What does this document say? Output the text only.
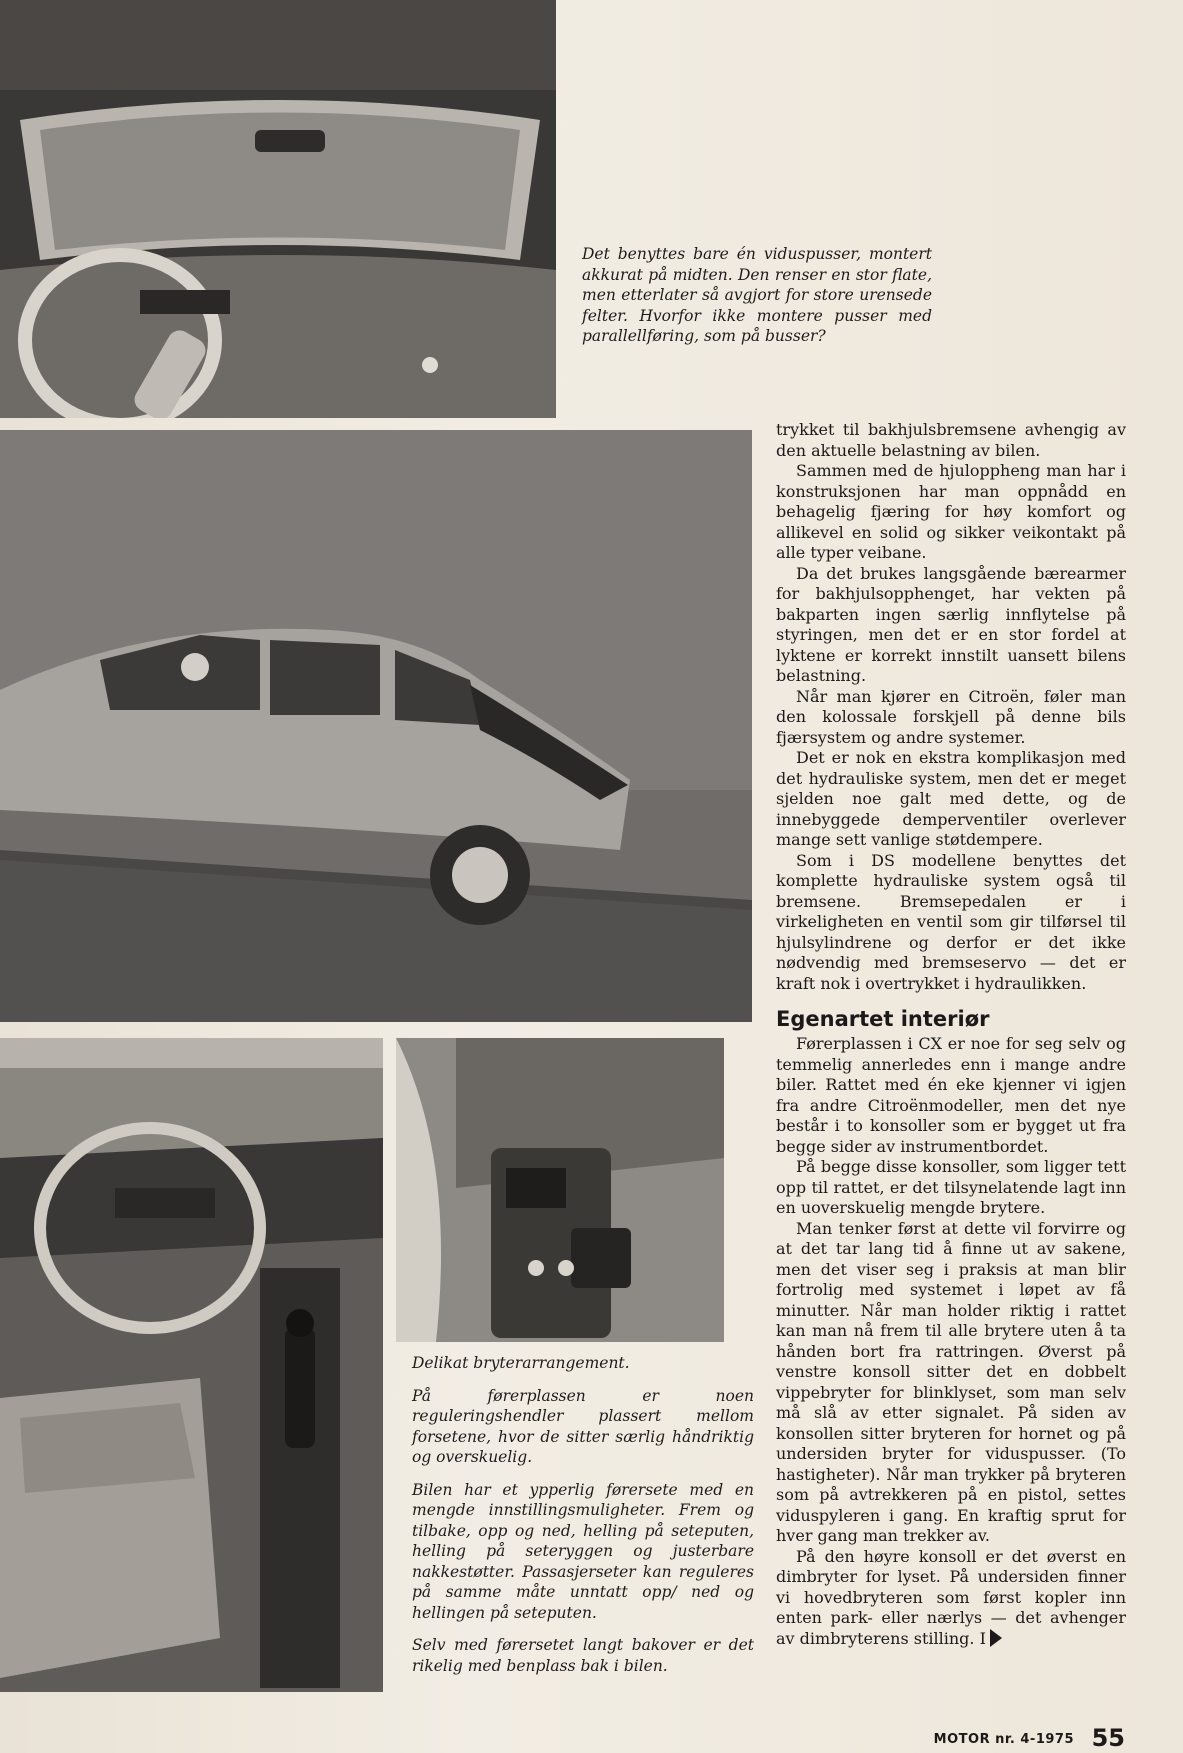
Det benyttes bare én viduspusser, montert akkurat på midten. Den renser en stor flate, men etterlater så avgjort for store urensede felter. Hvorfor ikke montere pusser med parallellføring, som på busser?

Delikat bryterarrangement.

På førerplassen er noen reguleringshendler plassert mellom forsetene, hvor de sitter særlig håndriktig og overskuelig.

Bilen har et ypperlig førersete med en mengde innstillingsmuligheter. Frem og tilbake, opp og ned, helling på seteputen, helling på seteryggen og justerbare nakkestøtter. Passasjerseter kan reguleres på samme måte unntatt opp/ ned og hellingen på seteputen.

Selv med førersetet langt bakover er det rikelig med benplass bak i bilen.

trykket til bakhjulsbremsene avhengig av den aktuelle belastning av bilen.

Sammen med de hjuloppheng man har i konstruksjonen har man oppnådd en behagelig fjæring for høy komfort og allikevel en solid og sikker veikontakt på alle typer veibane.

Da det brukes langsgående bærearmer for bakhjulsopphenget, har vekten på bakparten ingen særlig innflytelse på styringen, men det er en stor fordel at lyktene er korrekt innstilt uansett bilens belastning.

Når man kjører en Citroën, føler man den kolossale forskjell på denne bils fjærsystem og andre systemer.

Det er nok en ekstra komplikasjon med det hydrauliske system, men det er meget sjelden noe galt med dette, og de innebyggede demperventiler overlever mange sett vanlige støtdempere.

Som i DS modellene benyttes det komplette hydrauliske system også til bremsene. Bremsepedalen er i virkeligheten en ventil som gir tilførsel til hjulsylindrene og derfor er det ikke nødvendig med bremseservo — det er kraft nok i overtrykket i hydraulikken.

Egenartet interiør

Førerplassen i CX er noe for seg selv og temmelig annerledes enn i mange andre biler. Rattet med én eke kjenner vi igjen fra andre Citroënmodeller, men det nye består i to konsoller som er bygget ut fra begge sider av instrumentbordet.

På begge disse konsoller, som ligger tett opp til rattet, er det tilsynelatende lagt inn en uoverskuelig mengde brytere.

Man tenker først at dette vil forvirre og at det tar lang tid å finne ut av sakene, men det viser seg i praksis at man blir fortrolig med systemet i løpet av få minutter. Når man holder riktig i rattet kan man nå frem til alle brytere uten å ta hånden bort fra rattringen. Øverst på venstre konsoll sitter det en dobbelt vippebryter for blinklyset, som man selv må slå av etter signalet. På siden av konsollen sitter bryteren for hornet og på undersiden bryter for viduspusser. (To hastigheter). Når man trykker på bryteren som på avtrekkeren på en pistol, settes viduspyleren i gang. En kraftig sprut for hver gang man trekker av.

På den høyre konsoll er det øverst en dimbryter for lyset. På undersiden finner vi hovedbryteren som først kopler inn enten park- eller nærlys — det avhenger av dimbryterens stilling. I

MOTOR nr. 4-1975 55
